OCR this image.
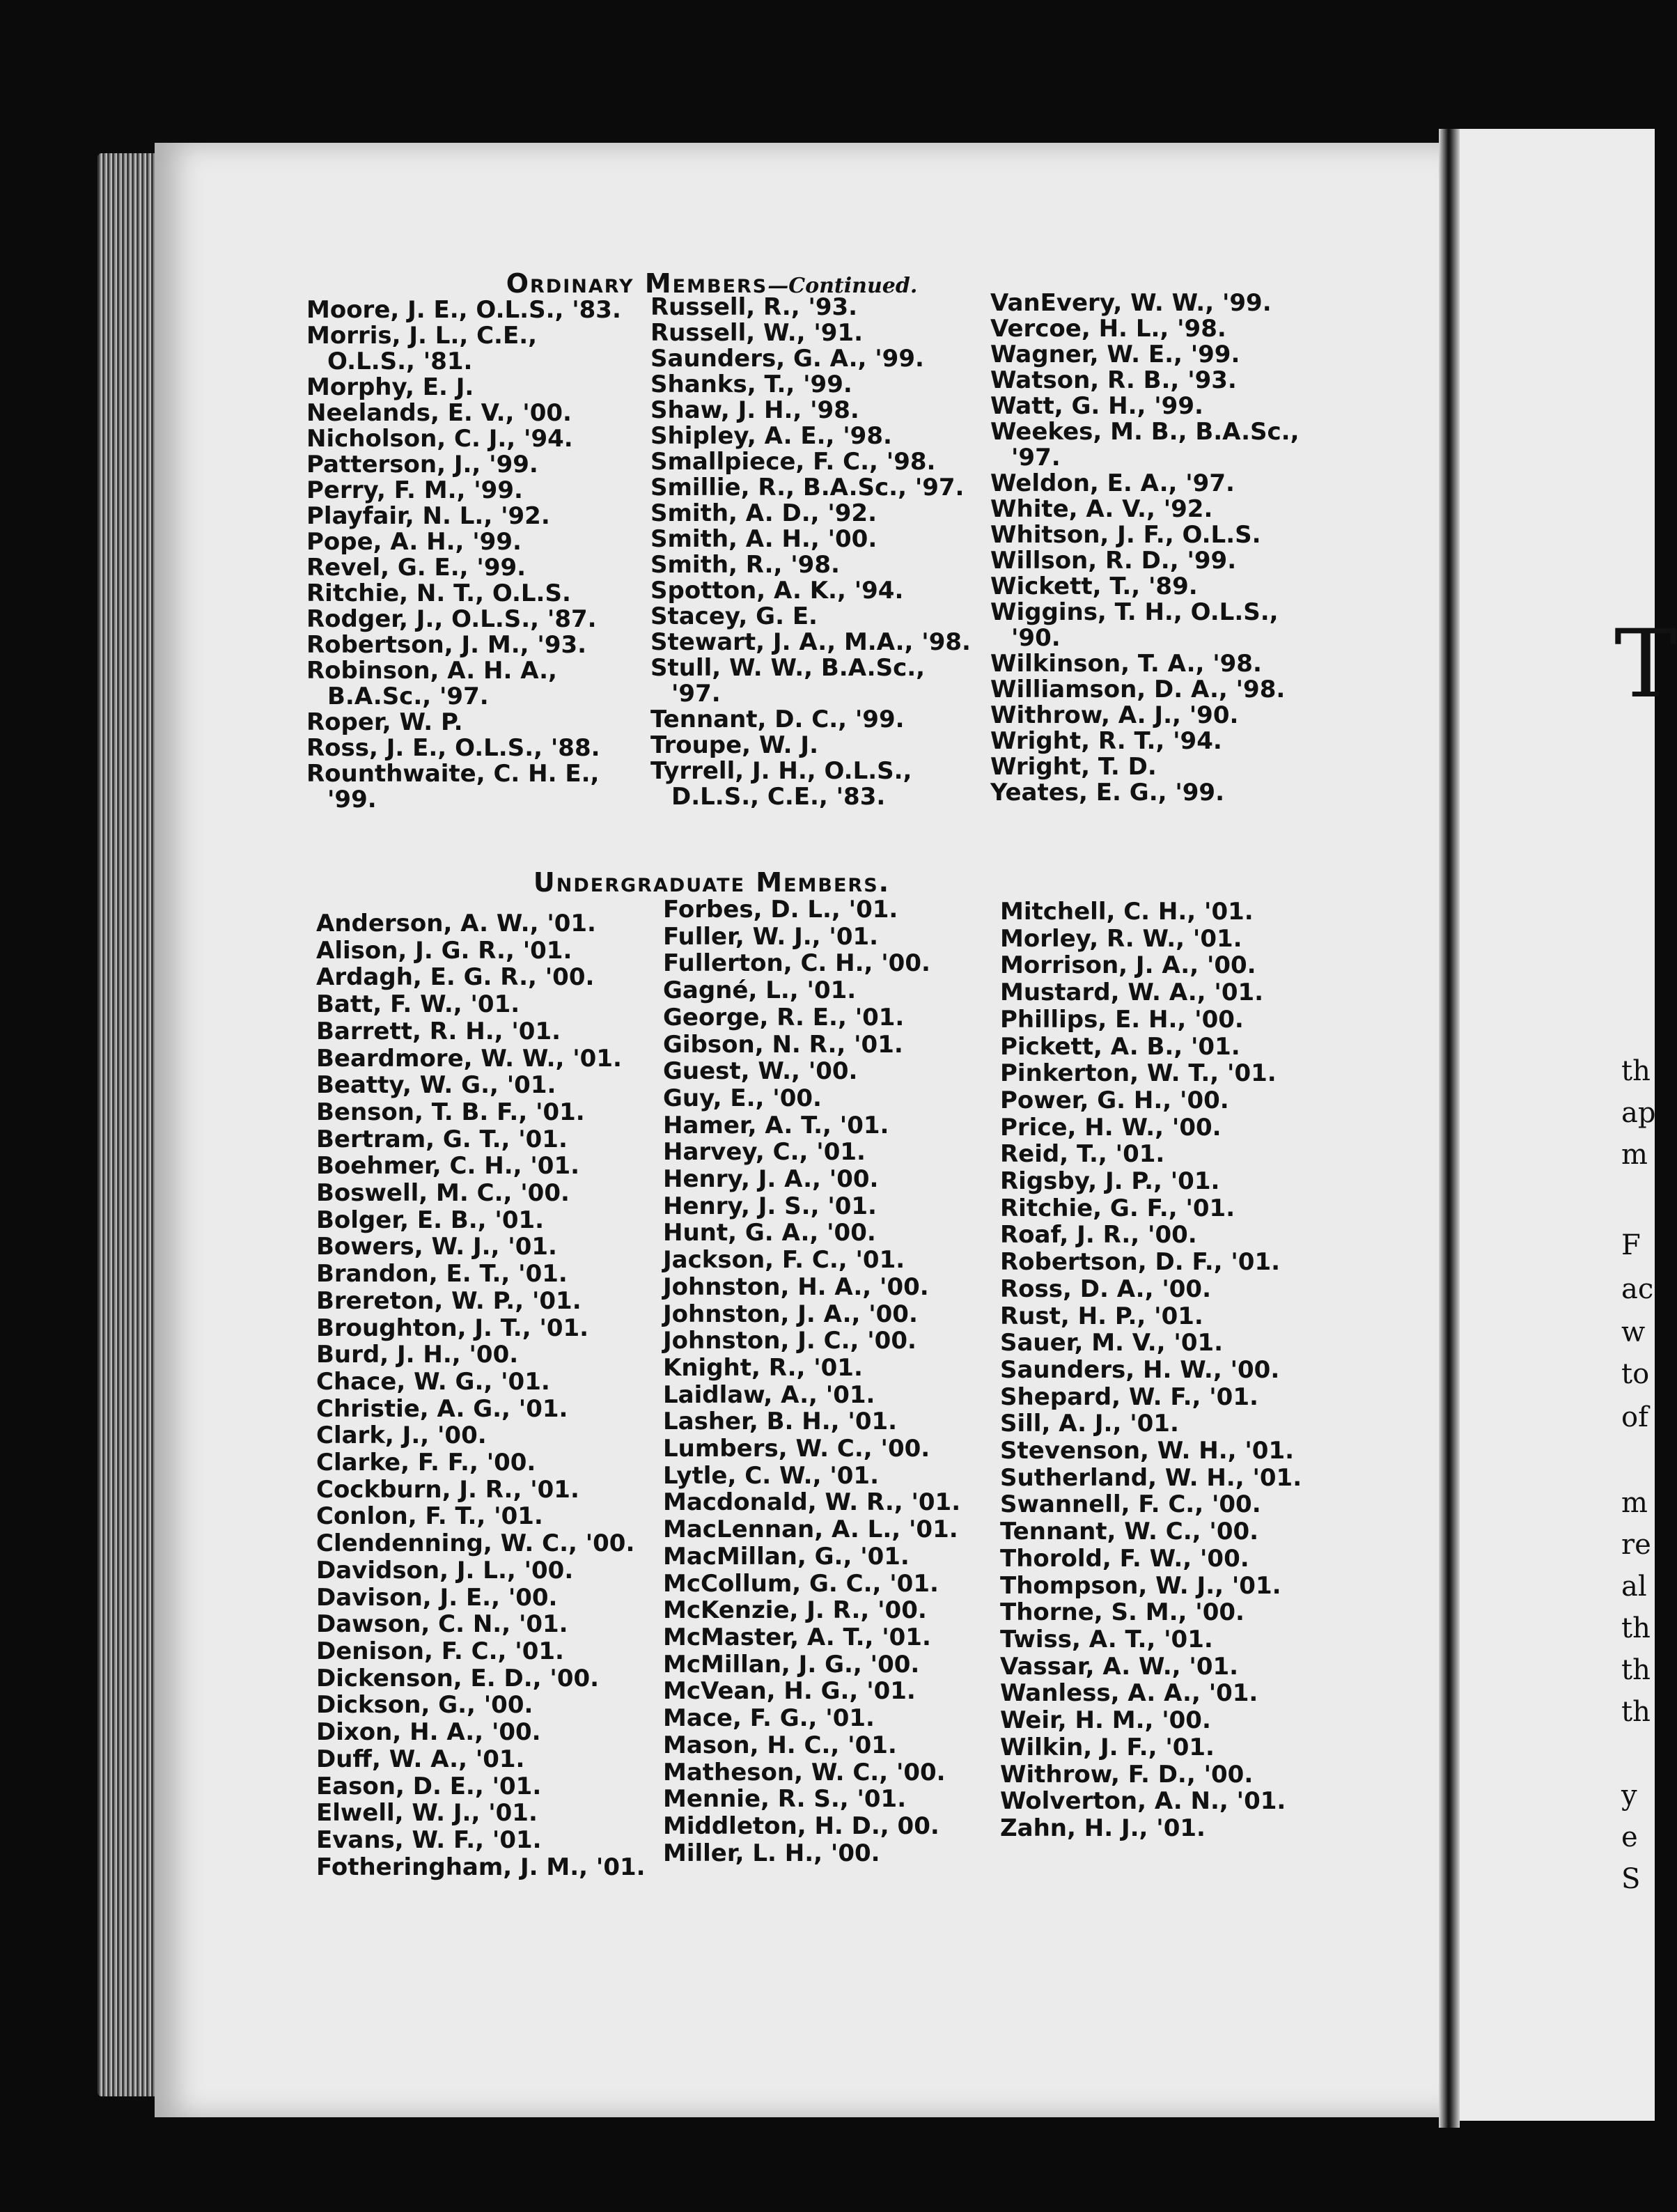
Ordinary Members—Continued.
Moore, J. E., O.L.S., '83.
Morris, J. L., C.E.,
O.L.S., '81.
Morphy, E. J.
Neelands, E. V., '00.
Nicholson, C. J., '94.
Patterson, J., '99.
Perry, F. M., '99.
Playfair, N. L., '92.
Pope, A. H., '99.
Revel, G. E., '99.
Ritchie, N. T., O.L.S.
Rodger, J., O.L.S., '87.
Robertson, J. M., '93.
Robinson, A. H. A.,
B.A.Sc., '97.
Roper, W. P.
Ross, J. E., O.L.S., '88.
Rounthwaite, C. H. E.,
'99.
Russell, R., '93.
Russell, W., '91.
Saunders, G. A., '99.
Shanks, T., '99.
Shaw, J. H., '98.
Shipley, A. E., '98.
Smallpiece, F. C., '98.
Smillie, R., B.A.Sc., '97.
Smith, A. D., '92.
Smith, A. H., '00.
Smith, R., '98.
Spotton, A. K., '94.
Stacey, G. E.
Stewart, J. A., M.A., '98.
Stull, W. W., B.A.Sc.,
'97.
Tennant, D. C., '99.
Troupe, W. J.
Tyrrell, J. H., O.L.S.,
D.L.S., C.E., '83.
VanEvery, W. W., '99.
Vercoe, H. L., '98.
Wagner, W. E., '99.
Watson, R. B., '93.
Watt, G. H., '99.
Weekes, M. B., B.A.Sc.,
'97.
Weldon, E. A., '97.
White, A. V., '92.
Whitson, J. F., O.L.S.
Willson, R. D., '99.
Wickett, T., '89.
Wiggins, T. H., O.L.S.,
'90.
Wilkinson, T. A., '98.
Williamson, D. A., '98.
Withrow, A. J., '90.
Wright, R. T., '94.
Wright, T. D.
Yeates, E. G., '99.
Undergraduate Members.
Anderson, A. W., '01.
Alison, J. G. R., '01.
Ardagh, E. G. R., '00.
Batt, F. W., '01.
Barrett, R. H., '01.
Beardmore, W. W., '01.
Beatty, W. G., '01.
Benson, T. B. F., '01.
Bertram, G. T., '01.
Boehmer, C. H., '01.
Boswell, M. C., '00.
Bolger, E. B., '01.
Bowers, W. J., '01.
Brandon, E. T., '01.
Brereton, W. P., '01.
Broughton, J. T., '01.
Burd, J. H., '00.
Chace, W. G., '01.
Christie, A. G., '01.
Clark, J., '00.
Clarke, F. F., '00.
Cockburn, J. R., '01.
Conlon, F. T., '01.
Clendenning, W. C., '00.
Davidson, J. L., '00.
Davison, J. E., '00.
Dawson, C. N., '01.
Denison, F. C., '01.
Dickenson, E. D., '00.
Dickson, G., '00.
Dixon, H. A., '00.
Duff, W. A., '01.
Eason, D. E., '01.
Elwell, W. J., '01.
Evans, W. F., '01.
Fotheringham, J. M., '01.
Forbes, D. L., '01.
Fuller, W. J., '01.
Fullerton, C. H., '00.
Gagné, L., '01.
George, R. E., '01.
Gibson, N. R., '01.
Guest, W., '00.
Guy, E., '00.
Hamer, A. T., '01.
Harvey, C., '01.
Henry, J. A., '00.
Henry, J. S., '01.
Hunt, G. A., '00.
Jackson, F. C., '01.
Johnston, H. A., '00.
Johnston, J. A., '00.
Johnston, J. C., '00.
Knight, R., '01.
Laidlaw, A., '01.
Lasher, B. H., '01.
Lumbers, W. C., '00.
Lytle, C. W., '01.
Macdonald, W. R., '01.
MacLennan, A. L., '01.
MacMillan, G., '01.
McCollum, G. C., '01.
McKenzie, J. R., '00.
McMaster, A. T., '01.
McMillan, J. G., '00.
McVean, H. G., '01.
Mace, F. G., '01.
Mason, H. C., '01.
Matheson, W. C., '00.
Mennie, R. S., '01.
Middleton, H. D., 00.
Miller, L. H., '00.
Mitchell, C. H., '01.
Morley, R. W., '01.
Morrison, J. A., '00.
Mustard, W. A., '01.
Phillips, E. H., '00.
Pickett, A. B., '01.
Pinkerton, W. T., '01.
Power, G. H., '00.
Price, H. W., '00.
Reid, T., '01.
Rigsby, J. P., '01.
Ritchie, G. F., '01.
Roaf, J. R., '00.
Robertson, D. F., '01.
Ross, D. A., '00.
Rust, H. P., '01.
Sauer, M. V., '01.
Saunders, H. W., '00.
Shepard, W. F., '01.
Sill, A. J., '01.
Stevenson, W. H., '01.
Sutherland, W. H., '01.
Swannell, F. C., '00.
Tennant, W. C., '00.
Thorold, F. W., '00.
Thompson, W. J., '01.
Thorne, S. M., '00.
Twiss, A. T., '01.
Vassar, A. W., '01.
Wanless, A. A., '01.
Weir, H. M., '00.
Wilkin, J. F., '01.
Withrow, F. D., '00.
Wolverton, A. N., '01.
Zahn, H. J., '01.
T
th
ap
m
F
ac
w
to
of
m
re
al
th
th
th
y
e
S
